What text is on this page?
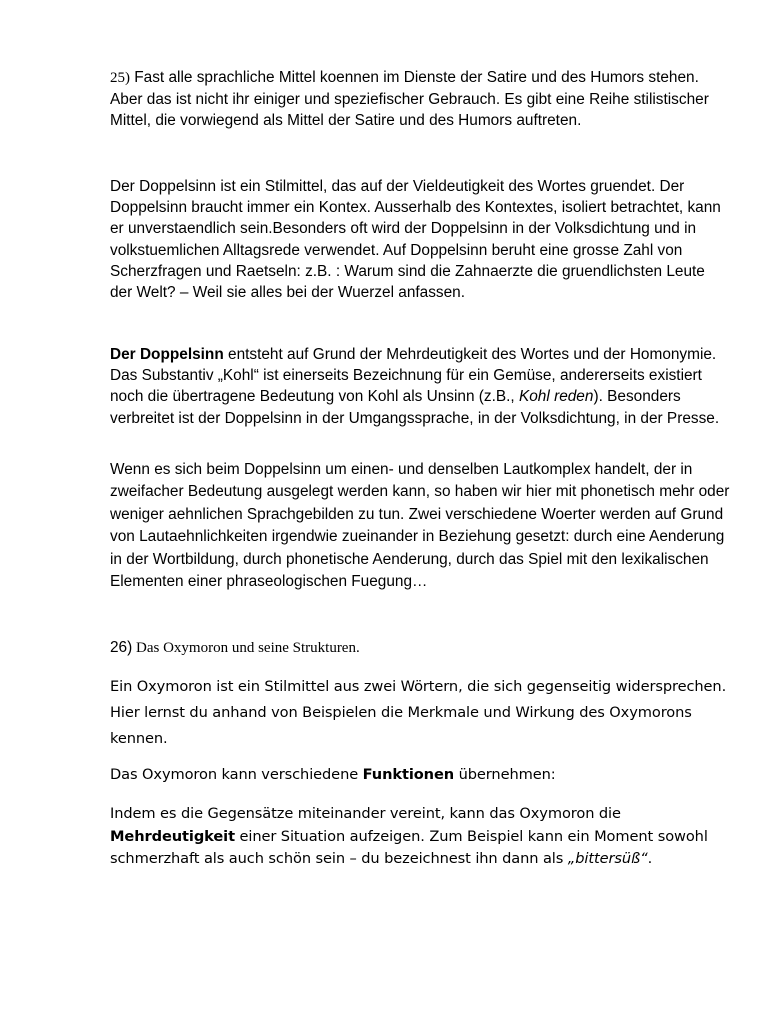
25) Fast alle sprachliche Mittel koennen im Dienste der Satire und des Humors stehen. Aber das ist nicht ihr einiger und speziefischer Gebrauch. Es gibt eine Reihe stilistischer Mittel, die vorwiegend als Mittel der Satire und des Humors auftreten.

Der Doppelsinn ist ein Stilmittel, das auf der Vieldeutigkeit des Wortes gruendet. Der Doppelsinn braucht immer ein Kontex. Ausserhalb des Kontextes, isoliert betrachtet, kann er unverstaendlich sein.Besonders oft wird der Doppelsinn in der Volksdichtung und in volkstuemlichen Alltagsrede verwendet. Auf Doppelsinn beruht eine grosse Zahl von Scherzfragen und Raetseln: z.B. : Warum sind die Zahnaerzte die gruendlichsten Leute der Welt? – Weil sie alles bei der Wuerzel anfassen.

Der Doppelsinn entsteht auf Grund der Mehrdeutigkeit des Wortes und der Homonymie. Das Substantiv „Kohl“ ist einerseits Bezeichnung für ein Gemüse, andererseits existiert noch die übertragene Bedeutung von Kohl als Unsinn (z.B., Kohl reden). Besonders verbreitet ist der Doppelsinn in der Umgangssprache, in der Volksdichtung, in der Presse.

Wenn es sich beim Doppelsinn um einen- und denselben Lautkomplex handelt, der in zweifacher Bedeutung ausgelegt werden kann, so haben wir hier mit phonetisch mehr oder weniger aehnlichen Sprachgebilden zu tun. Zwei verschiedene Woerter werden auf Grund von Lautaehnlichkeiten irgendwie zueinander in Beziehung gesetzt: durch eine Aenderung in der Wortbildung, durch phonetische Aenderung, durch das Spiel mit den lexikalischen Elementen einer phraseologischen Fuegung…

26) Das Oxymoron und seine Strukturen.

Ein Oxymoron ist ein Stilmittel aus zwei Wörtern, die sich gegenseitig widersprechen. Hier lernst du anhand von Beispielen die Merkmale und Wirkung des Oxymorons kennen.

Das Oxymoron kann verschiedene Funktionen übernehmen:

Indem es die Gegensätze miteinander vereint, kann das Oxymoron die Mehrdeutigkeit einer Situation aufzeigen. Zum Beispiel kann ein Moment sowohl schmerzhaft als auch schön sein – du bezeichnest ihn dann als „bittersüß“.
